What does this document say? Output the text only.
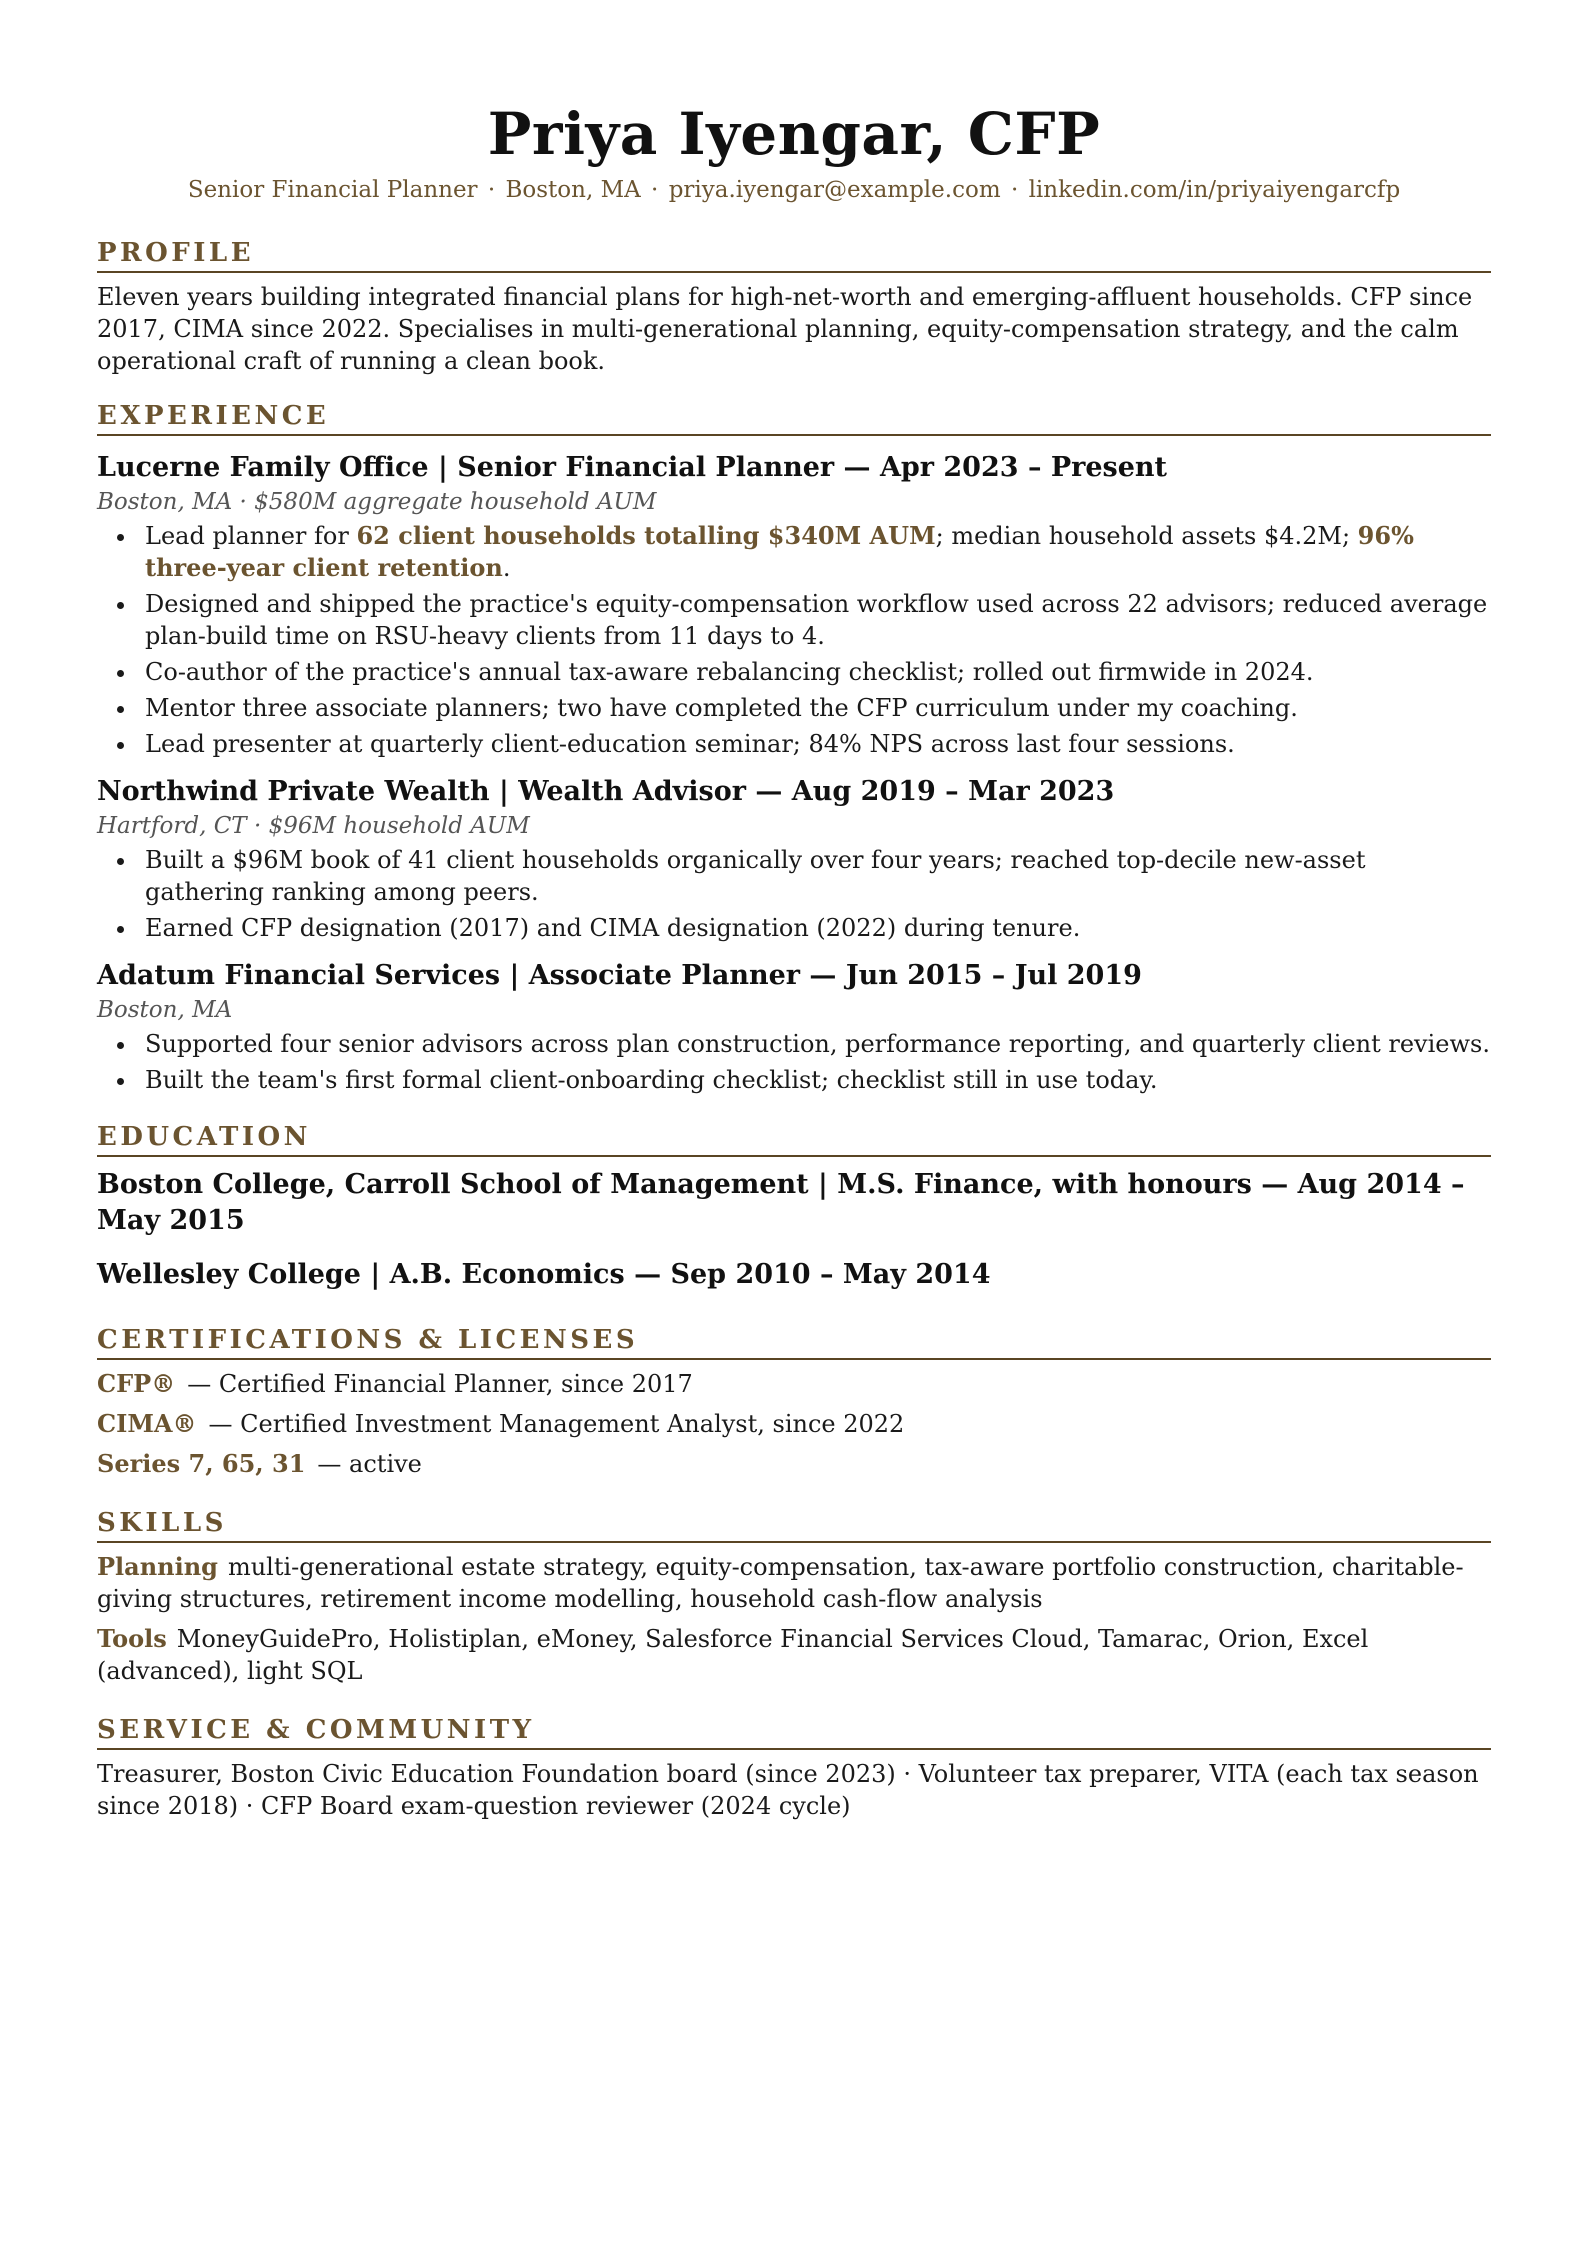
Priya Iyengar, CFP
Senior Financial Planner · Boston, MA · priya.iyengar@example.com · linkedin.com/in/priyaiyengarcfp
PROFILE
Eleven years building integrated financial plans for high-net-worth and emerging-affluent households. CFP since 2017, CIMA since 2022. Specialises in multi-generational planning, equity-compensation strategy, and the calm operational craft of running a clean book.
EXPERIENCE
Lucerne Family Office | Senior Financial Planner — Apr 2023 – Present
Boston, MA · $580M aggregate household AUM
Lead planner for 62 client households totalling $340M AUM; median household assets $4.2M; 96% three-year client retention.
Designed and shipped the practice's equity-compensation workflow used across 22 advisors; reduced average plan-build time on RSU-heavy clients from 11 days to 4.
Co-author of the practice's annual tax-aware rebalancing checklist; rolled out firmwide in 2024.
Mentor three associate planners; two have completed the CFP curriculum under my coaching.
Lead presenter at quarterly client-education seminar; 84% NPS across last four sessions.
Northwind Private Wealth | Wealth Advisor — Aug 2019 – Mar 2023
Hartford, CT · $96M household AUM
Built a $96M book of 41 client households organically over four years; reached top-decile new-asset gathering ranking among peers.
Earned CFP designation (2017) and CIMA designation (2022) during tenure.
Adatum Financial Services | Associate Planner — Jun 2015 – Jul 2019
Boston, MA
Supported four senior advisors across plan construction, performance reporting, and quarterly client reviews.
Built the team's first formal client-onboarding checklist; checklist still in use today.
EDUCATION
Boston College, Carroll School of Management | M.S. Finance, with honours — Aug 2014 – May 2015
Wellesley College | A.B. Economics — Sep 2010 – May 2014
CERTIFICATIONS & LICENSES
CFP® — Certified Financial Planner, since 2017
CIMA® — Certified Investment Management Analyst, since 2022
Series 7, 65, 31 — active
SKILLS
Planning multi-generational estate strategy, equity-compensation, tax-aware portfolio construction, charitable-giving structures, retirement income modelling, household cash-flow analysis
Tools MoneyGuidePro, Holistiplan, eMoney, Salesforce Financial Services Cloud, Tamarac, Orion, Excel (advanced), light SQL
SERVICE & COMMUNITY
Treasurer, Boston Civic Education Foundation board (since 2023) · Volunteer tax preparer, VITA (each tax season since 2018) · CFP Board exam-question reviewer (2024 cycle)
